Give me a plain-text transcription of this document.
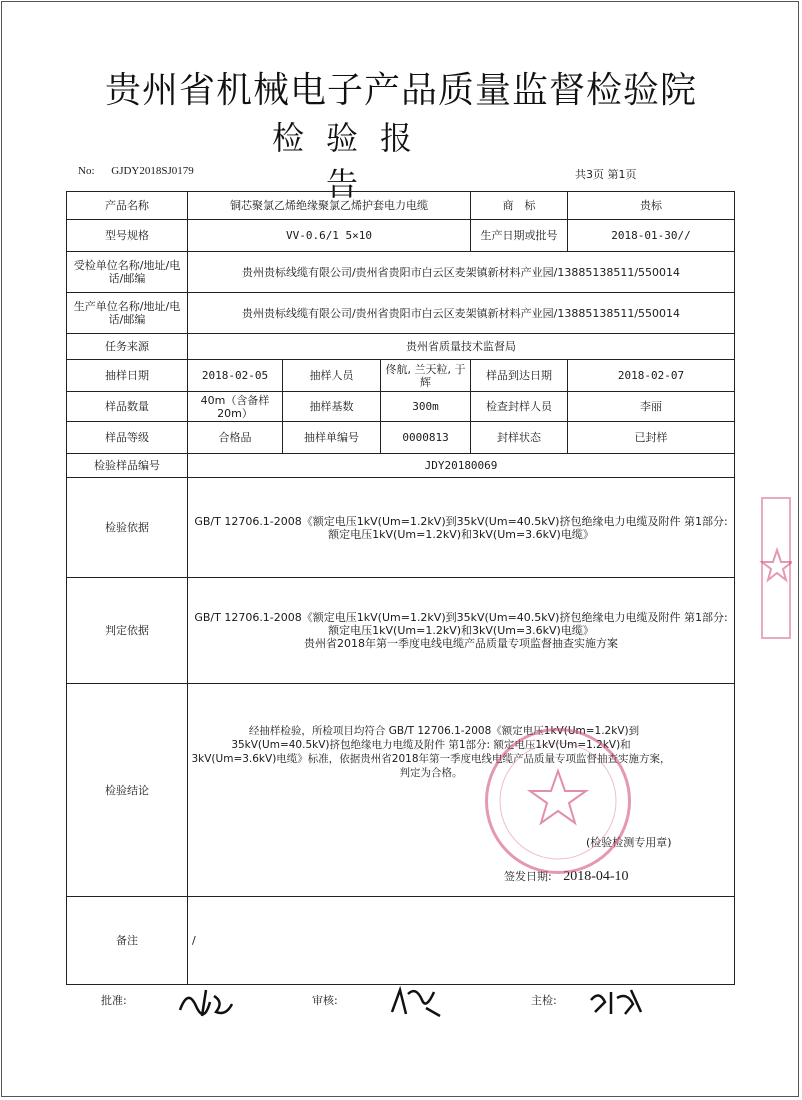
贵州省机械电子产品质量监督检验院
检验报告
No: GJDY2018SJ0179	共3页 第1页
产品名称	铜芯聚氯乙烯绝缘聚氯乙烯护套电力电缆			商　标	贵标
型号规格	VV-0.6/1 5×10			生产日期或批号	2018-01-30//
受检单位名称/地址/电话/邮编	贵州贵标线缆有限公司/贵州省贵阳市白云区麦架镇新材料产业园/13885138511/550014				
生产单位名称/地址/电话/邮编	贵州贵标线缆有限公司/贵州省贵阳市白云区麦架镇新材料产业园/13885138511/550014				
任务来源	贵州省质量技术监督局				
抽样日期	2018-02-05	抽样人员	佟航, 兰天粒, 于辉	样品到达日期	2018-02-07
样品数量	40m（含备样20m）	抽样基数	300m	检查封样人员	李丽
样品等级	合格品	抽样单编号	0000813	封样状态	已封样
检验样品编号	JDY20180069				
检验依据	GB/T 12706.1-2008《额定电压1kV(Um=1.2kV)到35kV(Um=40.5kV)挤包绝缘电力电缆及附件 第1部分: 额定电压1kV(Um=1.2kV)和3kV(Um=3.6kV)电缆》				
判定依据	GB/T 12706.1-2008《额定电压1kV(Um=1.2kV)到35kV(Um=40.5kV)挤包绝缘电力电缆及附件 第1部分: 额定电压1kV(Um=1.2kV)和3kV(Um=3.6kV)电缆》
贵州省2018年第一季度电线电缆产品质量专项监督抽查实施方案				

检验结论	经抽样检验，所检项目均符合 GB/T 12706.1-2008《额定电压1kV(Um=1.2kV)到35kV(Um=40.5kV)挤包绝缘电力电缆及附件 第1部分: 额定电压1kV(Um=1.2kV)和3kV(Um=3.6kV)电缆》标准，依据贵州省2018年第一季度电线电缆产品质量专项监督抽查实施方案，判定为合格。
(检验检测专用章)
签发日期: 2018-04-10				

备注	/				
批准:	审核:	主检:
